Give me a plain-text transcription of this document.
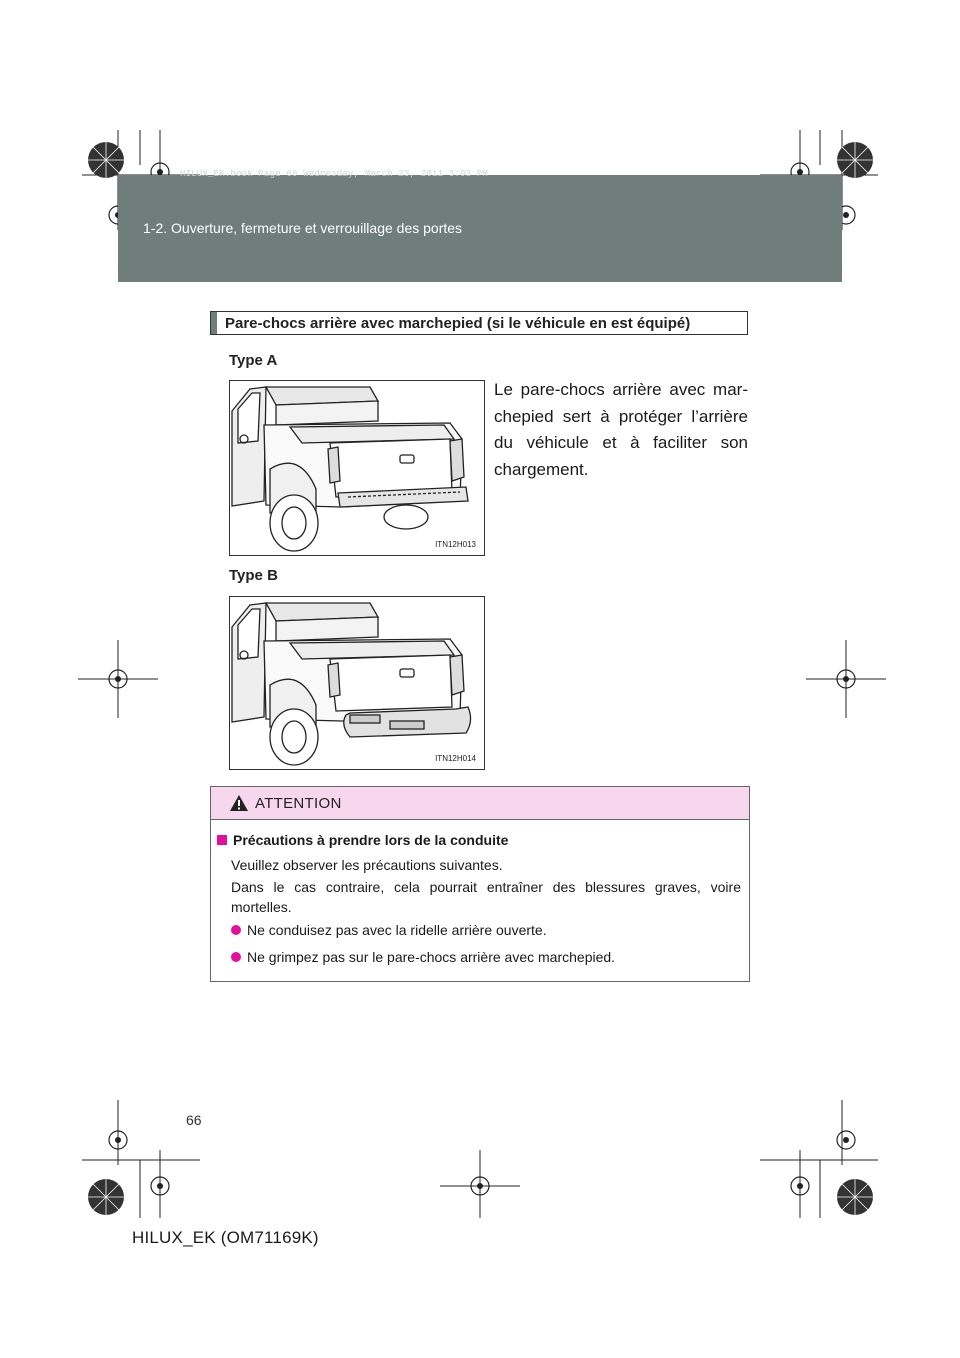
HILUX_EK.book Page 66 Wednesday, March 23, 2011 3:03 PM
1-2. Ouverture, fermeture et verrouillage des portes
Pare-chocs arrière avec marchepied (si le véhicule en est équipé)
Type A
ITN12H013
Type B
ITN12H014
Le pare-chocs arrière avec mar-chepied sert à protéger l’arrière du véhicule et à faciliter son chargement.
ATTENTION
Précautions à prendre lors de la conduite
Veuillez observer les précautions suivantes.
Dans le cas contraire, cela pourrait entraîner des blessures graves, voire mortelles.
Ne conduisez pas avec la ridelle arrière ouverte.
Ne grimpez pas sur le pare-chocs arrière avec marchepied.
66
HILUX_EK (OM71169K)
